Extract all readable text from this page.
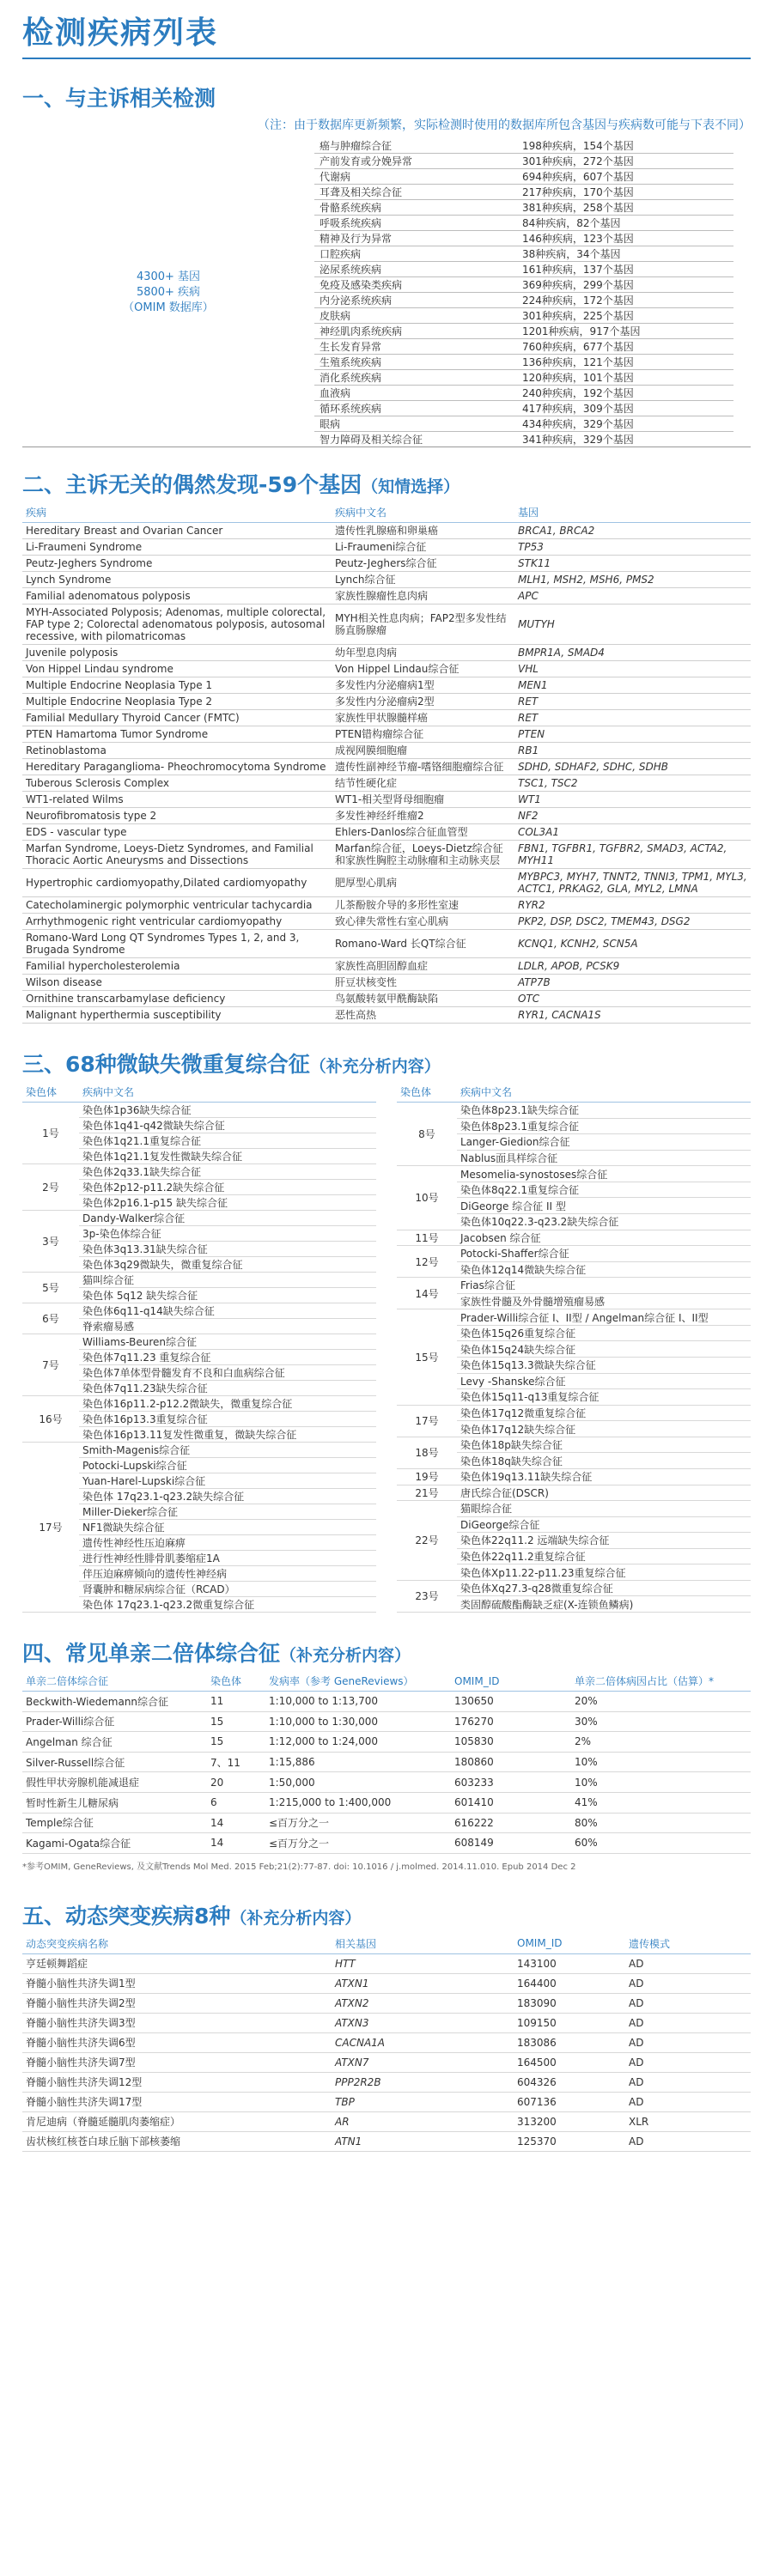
检测疾病列表
一、与主诉相关检测
（注：由于数据库更新频繁，实际检测时使用的数据库所包含基因与疾病数可能与下表不同）
4300+ 基因
5800+ 疾病
（OMIM 数据库）
癌与肿瘤综合征	198种疾病，154个基因
产前发育或分娩异常	301种疾病，272个基因
代谢病	694种疾病，607个基因
耳聋及相关综合征	217种疾病，170个基因
骨骼系统疾病	381种疾病，258个基因
呼吸系统疾病	84种疾病，82个基因
精神及行为异常	146种疾病，123个基因
口腔疾病	38种疾病，34个基因
泌尿系统疾病	161种疾病，137个基因
免疫及感染类疾病	369种疾病，299个基因
内分泌系统疾病	224种疾病，172个基因
皮肤病	301种疾病，225个基因
神经肌肉系统疾病	1201种疾病，917个基因
生长发育异常	760种疾病，677个基因
生殖系统疾病	136种疾病，121个基因
消化系统疾病	120种疾病，101个基因
血液病	240种疾病，192个基因
循环系统疾病	417种疾病，309个基因
眼病	434种疾病，329个基因
智力障碍及相关综合征	341种疾病，329个基因
二、主诉无关的偶然发现-59个基因（知情选择）
疾病	疾病中文名	基因
Hereditary Breast and Ovarian Cancer	遗传性乳腺癌和卵巢癌	BRCA1, BRCA2
Li-Fraumeni Syndrome	Li-Fraumeni综合征	TP53
Peutz-Jeghers Syndrome	Peutz-Jeghers综合征	STK11
Lynch Syndrome	Lynch综合征	MLH1, MSH2, MSH6, PMS2
Familial adenomatous polyposis	家族性腺瘤性息肉病	APC
MYH-Associated Polyposis; Adenomas, multiple colorectal, FAP type 2; Colorectal adenomatous polyposis, autosomal recessive, with pilomatricomas	MYH相关性息肉病；FAP2型多发性结肠直肠腺瘤	MUTYH
Juvenile polyposis	幼年型息肉病	BMPR1A, SMAD4
Von Hippel Lindau syndrome	Von Hippel Lindau综合征	VHL
Multiple Endocrine Neoplasia Type 1	多发性内分泌瘤病1型	MEN1
Multiple Endocrine Neoplasia Type 2	多发性内分泌瘤病2型	RET
Familial Medullary Thyroid Cancer (FMTC)	家族性甲状腺髓样癌	RET
PTEN Hamartoma Tumor Syndrome	PTEN错构瘤综合征	PTEN
Retinoblastoma	成视网膜细胞瘤	RB1
Hereditary Paraganglioma- Pheochromocytoma Syndrome	遗传性副神经节瘤-嗜铬细胞瘤综合征	SDHD, SDHAF2, SDHC, SDHB
Tuberous Sclerosis Complex	结节性硬化症	TSC1, TSC2
WT1-related Wilms	WT1-相关型肾母细胞瘤	WT1
Neurofibromatosis type 2	多发性神经纤维瘤2	NF2
EDS - vascular type	Ehlers-Danlos综合征血管型	COL3A1
Marfan Syndrome, Loeys-Dietz Syndromes, and Familial Thoracic Aortic Aneurysms and Dissections	Marfan综合征，Loeys-Dietz综合征和家族性胸腔主动脉瘤和主动脉夹层	FBN1, TGFBR1, TGFBR2, SMAD3, ACTA2, MYH11
Hypertrophic cardiomyopathy,Dilated cardiomyopathy	肥厚型心肌病	MYBPC3, MYH7, TNNT2, TNNI3, TPM1, MYL3, ACTC1, PRKAG2, GLA, MYL2, LMNA
Catecholaminergic polymorphic ventricular tachycardia	儿茶酚胺介导的多形性室速	RYR2
Arrhythmogenic right ventricular cardiomyopathy	致心律失常性右室心肌病	PKP2, DSP, DSC2, TMEM43, DSG2
Romano-Ward Long QT Syndromes Types 1, 2, and 3, Brugada Syndrome	Romano-Ward 长QT综合征	KCNQ1, KCNH2, SCN5A
Familial hypercholesterolemia	家族性高胆固醇血症	LDLR, APOB, PCSK9
Wilson disease	肝豆状核变性	ATP7B
Ornithine transcarbamylase deficiency	鸟氨酸转氨甲酰酶缺陷	OTC
Malignant hyperthermia susceptibility	恶性高热	RYR1, CACNA1S
三、68种微缺失微重复综合征（补充分析内容）
染色体	疾病中文名
1号	染色体1p36缺失综合征
	染色体1q41-q42微缺失综合征
	染色体1q21.1重复综合征
	染色体1q21.1复发性微缺失综合征
2号	染色体2q33.1缺失综合征
	染色体2p12-p11.2缺失综合征
	染色体2p16.1-p15 缺失综合征
3号	Dandy-Walker综合征
	3p-染色体综合征
	染色体3q13.31缺失综合征
	染色体3q29微缺失，微重复综合征
5号	猫叫综合征
	染色体 5q12 缺失综合征
6号	染色体6q11-q14缺失综合征
	脊索瘤易感
7号	Williams-Beuren综合征
	染色体7q11.23 重复综合征
	染色体7单体型骨髓发育不良和白血病综合征
	染色体7q11.23缺失综合征
16号	染色体16p11.2-p12.2微缺失，微重复综合征
	染色体16p13.3重复综合征
	染色体16p13.11复发性微重复，微缺失综合征
17号	Smith-Magenis综合征
	Potocki-Lupski综合征
	Yuan-Harel-Lupski综合征
	染色体 17q23.1-q23.2缺失综合征
	Miller-Dieker综合征
	NF1微缺失综合征
	遗传性神经性压迫麻痹
	进行性神经性腓骨肌萎缩症1A
	伴压迫麻痹倾向的遗传性神经病
	肾囊肿和糖尿病综合征（RCAD）
	染色体 17q23.1-q23.2微重复综合征
染色体	疾病中文名
8号	染色体8p23.1缺失综合征
	染色体8p23.1重复综合征
	Langer-Giedion综合征
	Nablus面具样综合征
10号	Mesomelia-synostoses综合征
	染色体8q22.1重复综合征
	DiGeorge 综合征 II 型
	染色体10q22.3-q23.2缺失综合征
11号	Jacobsen 综合征
12号	Potocki-Shaffer综合征
	染色体12q14微缺失综合征
14号	Frias综合征
	家族性骨髓及外骨髓增殖瘤易感
15号	Prader-Willi综合征 I、II型 / Angelman综合征 I、II型
	染色体15q26重复综合征
	染色体15q24缺失综合征
	染色体15q13.3微缺失综合征
	Levy -Shanske综合征
	染色体15q11-q13重复综合征
17号	染色体17q12微重复综合征
	染色体17q12缺失综合征
18号	染色体18p缺失综合征
	染色体18q缺失综合征
19号	染色体19q13.11缺失综合征
21号	唐氏综合征(DSCR)
22号	猫眼综合征
	DiGeorge综合征
	染色体22q11.2 远端缺失综合征
	染色体22q11.2重复综合征
	染色体Xp11.22-p11.23重复综合征
23号	染色体Xq27.3-q28微重复综合征
	类固醇硫酸酯酶缺乏症(X-连锁鱼鳞病)
四、常见单亲二倍体综合征（补充分析内容）
单亲二倍体综合征	染色体	发病率（参考 GeneReviews）	OMIM_ID	单亲二倍体病因占比（估算）*
Beckwith-Wiedemann综合征	11	1:10,000 to 1:13,700	130650	20%
Prader-Willi综合征	15	1:10,000 to 1:30,000	176270	30%
Angelman 综合征	15	1:12,000 to 1:24,000	105830	2%
Silver-Russell综合征	7、11	1:15,886	180860	10%
假性甲状旁腺机能减退症	20	1:50,000	603233	10%
暂时性新生儿糖尿病	6	1:215,000 to 1:400,000	601410	41%
Temple综合征	14	≤百万分之一	616222	80%
Kagami-Ogata综合征	14	≤百万分之一	608149	60%
*参考OMIM, GeneReviews, 及文献Trends Mol Med. 2015 Feb;21(2):77-87. doi: 10.1016 / j.molmed. 2014.11.010. Epub 2014 Dec 2
五、动态突变疾病8种（补充分析内容）
动态突变疾病名称	相关基因	OMIM_ID	遗传模式
亨廷顿舞蹈症	HTT	143100	AD
脊髓小脑性共济失调1型	ATXN1	164400	AD
脊髓小脑性共济失调2型	ATXN2	183090	AD
脊髓小脑性共济失调3型	ATXN3	109150	AD
脊髓小脑性共济失调6型	CACNA1A	183086	AD
脊髓小脑性共济失调7型	ATXN7	164500	AD
脊髓小脑性共济失调12型	PPP2R2B	604326	AD
脊髓小脑性共济失调17型	TBP	607136	AD
肯尼迪病（脊髓延髓肌肉萎缩症）	AR	313200	XLR
齿状核红核苍白球丘脑下部核萎缩	ATN1	125370	AD
